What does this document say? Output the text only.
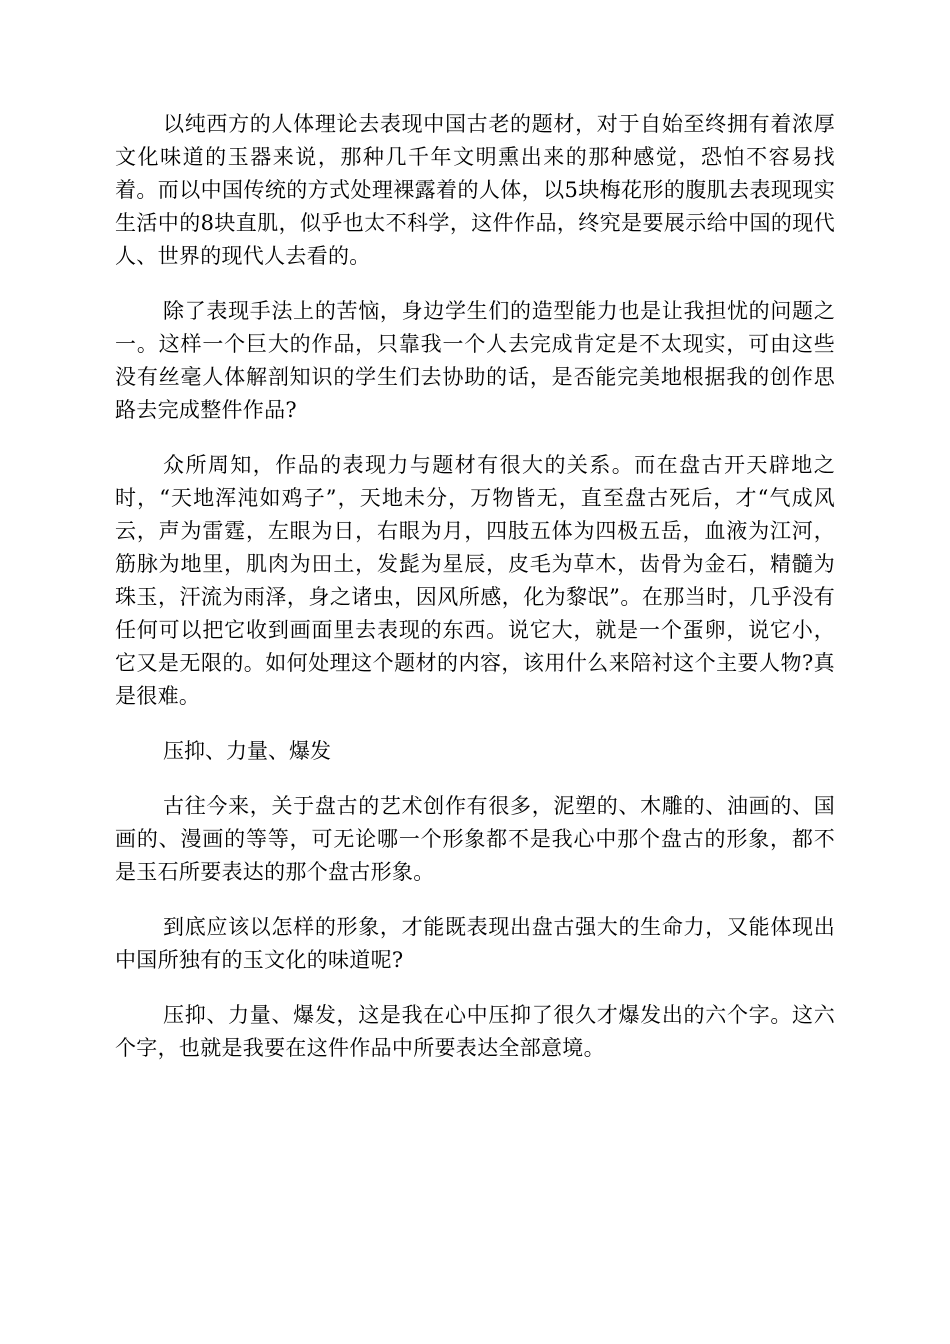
以纯西方的人体理论去表现中国古老的题材，对于自始至终拥有着浓厚文化味道的玉器来说，那种几千年文明熏出来的那种感觉，恐怕不容易找着。而以中国传统的方式处理裸露着的人体，以5块梅花形的腹肌去表现现实生活中的8块直肌，似乎也太不科学，这件作品，终究是要展示给中国的现代人、世界的现代人去看的。

除了表现手法上的苦恼，身边学生们的造型能力也是让我担忧的问题之一。这样一个巨大的作品，只靠我一个人去完成肯定是不太现实，可由这些没有丝毫人体解剖知识的学生们去协助的话，是否能完美地根据我的创作思路去完成整件作品?

众所周知，作品的表现力与题材有很大的关系。而在盘古开天辟地之时，“天地浑沌如鸡子”，天地未分，万物皆无，直至盘古死后，才“气成风云，声为雷霆，左眼为日，右眼为月，四肢五体为四极五岳，血液为江河，筋脉为地里，肌肉为田土，发髭为星辰，皮毛为草木，齿骨为金石，精髓为珠玉，汗流为雨泽，身之诸虫，因风所感，化为黎氓”。在那当时，几乎没有任何可以把它收到画面里去表现的东西。说它大，就是一个蛋卵，说它小，它又是无限的。如何处理这个题材的内容，该用什么来陪衬这个主要人物?真是很难。

压抑、力量、爆发

古往今来，关于盘古的艺术创作有很多，泥塑的、木雕的、油画的、国画的、漫画的等等，可无论哪一个形象都不是我心中那个盘古的形象，都不是玉石所要表达的那个盘古形象。

到底应该以怎样的形象，才能既表现出盘古强大的生命力，又能体现出中国所独有的玉文化的味道呢?

压抑、力量、爆发，这是我在心中压抑了很久才爆发出的六个字。这六个字，也就是我要在这件作品中所要表达全部意境。
